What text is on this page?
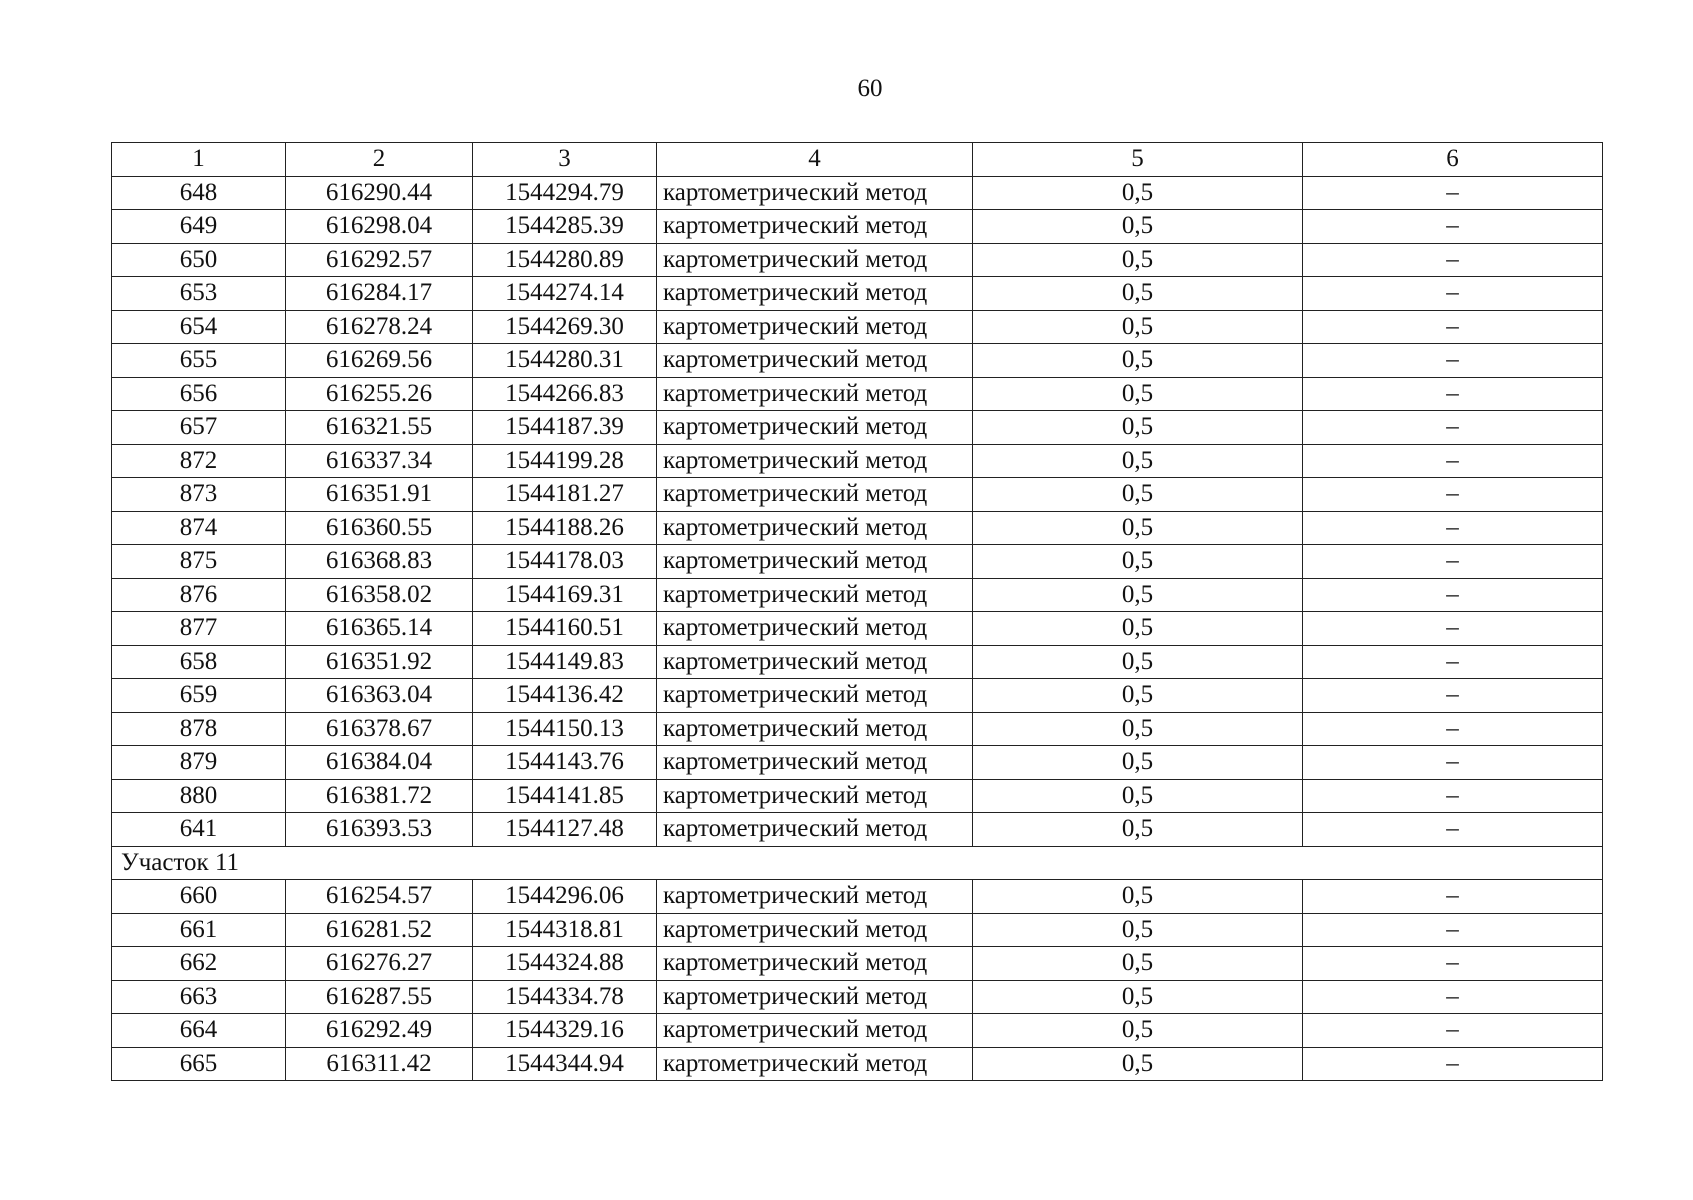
60
1	2	3	4	5	6
648	616290.44	1544294.79	картометрический метод	0,5	–
649	616298.04	1544285.39	картометрический метод	0,5	–
650	616292.57	1544280.89	картометрический метод	0,5	–
653	616284.17	1544274.14	картометрический метод	0,5	–
654	616278.24	1544269.30	картометрический метод	0,5	–
655	616269.56	1544280.31	картометрический метод	0,5	–
656	616255.26	1544266.83	картометрический метод	0,5	–
657	616321.55	1544187.39	картометрический метод	0,5	–
872	616337.34	1544199.28	картометрический метод	0,5	–
873	616351.91	1544181.27	картометрический метод	0,5	–
874	616360.55	1544188.26	картометрический метод	0,5	–
875	616368.83	1544178.03	картометрический метод	0,5	–
876	616358.02	1544169.31	картометрический метод	0,5	–
877	616365.14	1544160.51	картометрический метод	0,5	–
658	616351.92	1544149.83	картометрический метод	0,5	–
659	616363.04	1544136.42	картометрический метод	0,5	–
878	616378.67	1544150.13	картометрический метод	0,5	–
879	616384.04	1544143.76	картометрический метод	0,5	–
880	616381.72	1544141.85	картометрический метод	0,5	–
641	616393.53	1544127.48	картометрический метод	0,5	–
Участок 11					
660	616254.57	1544296.06	картометрический метод	0,5	–
661	616281.52	1544318.81	картометрический метод	0,5	–
662	616276.27	1544324.88	картометрический метод	0,5	–
663	616287.55	1544334.78	картометрический метод	0,5	–
664	616292.49	1544329.16	картометрический метод	0,5	–
665	616311.42	1544344.94	картометрический метод	0,5	–
